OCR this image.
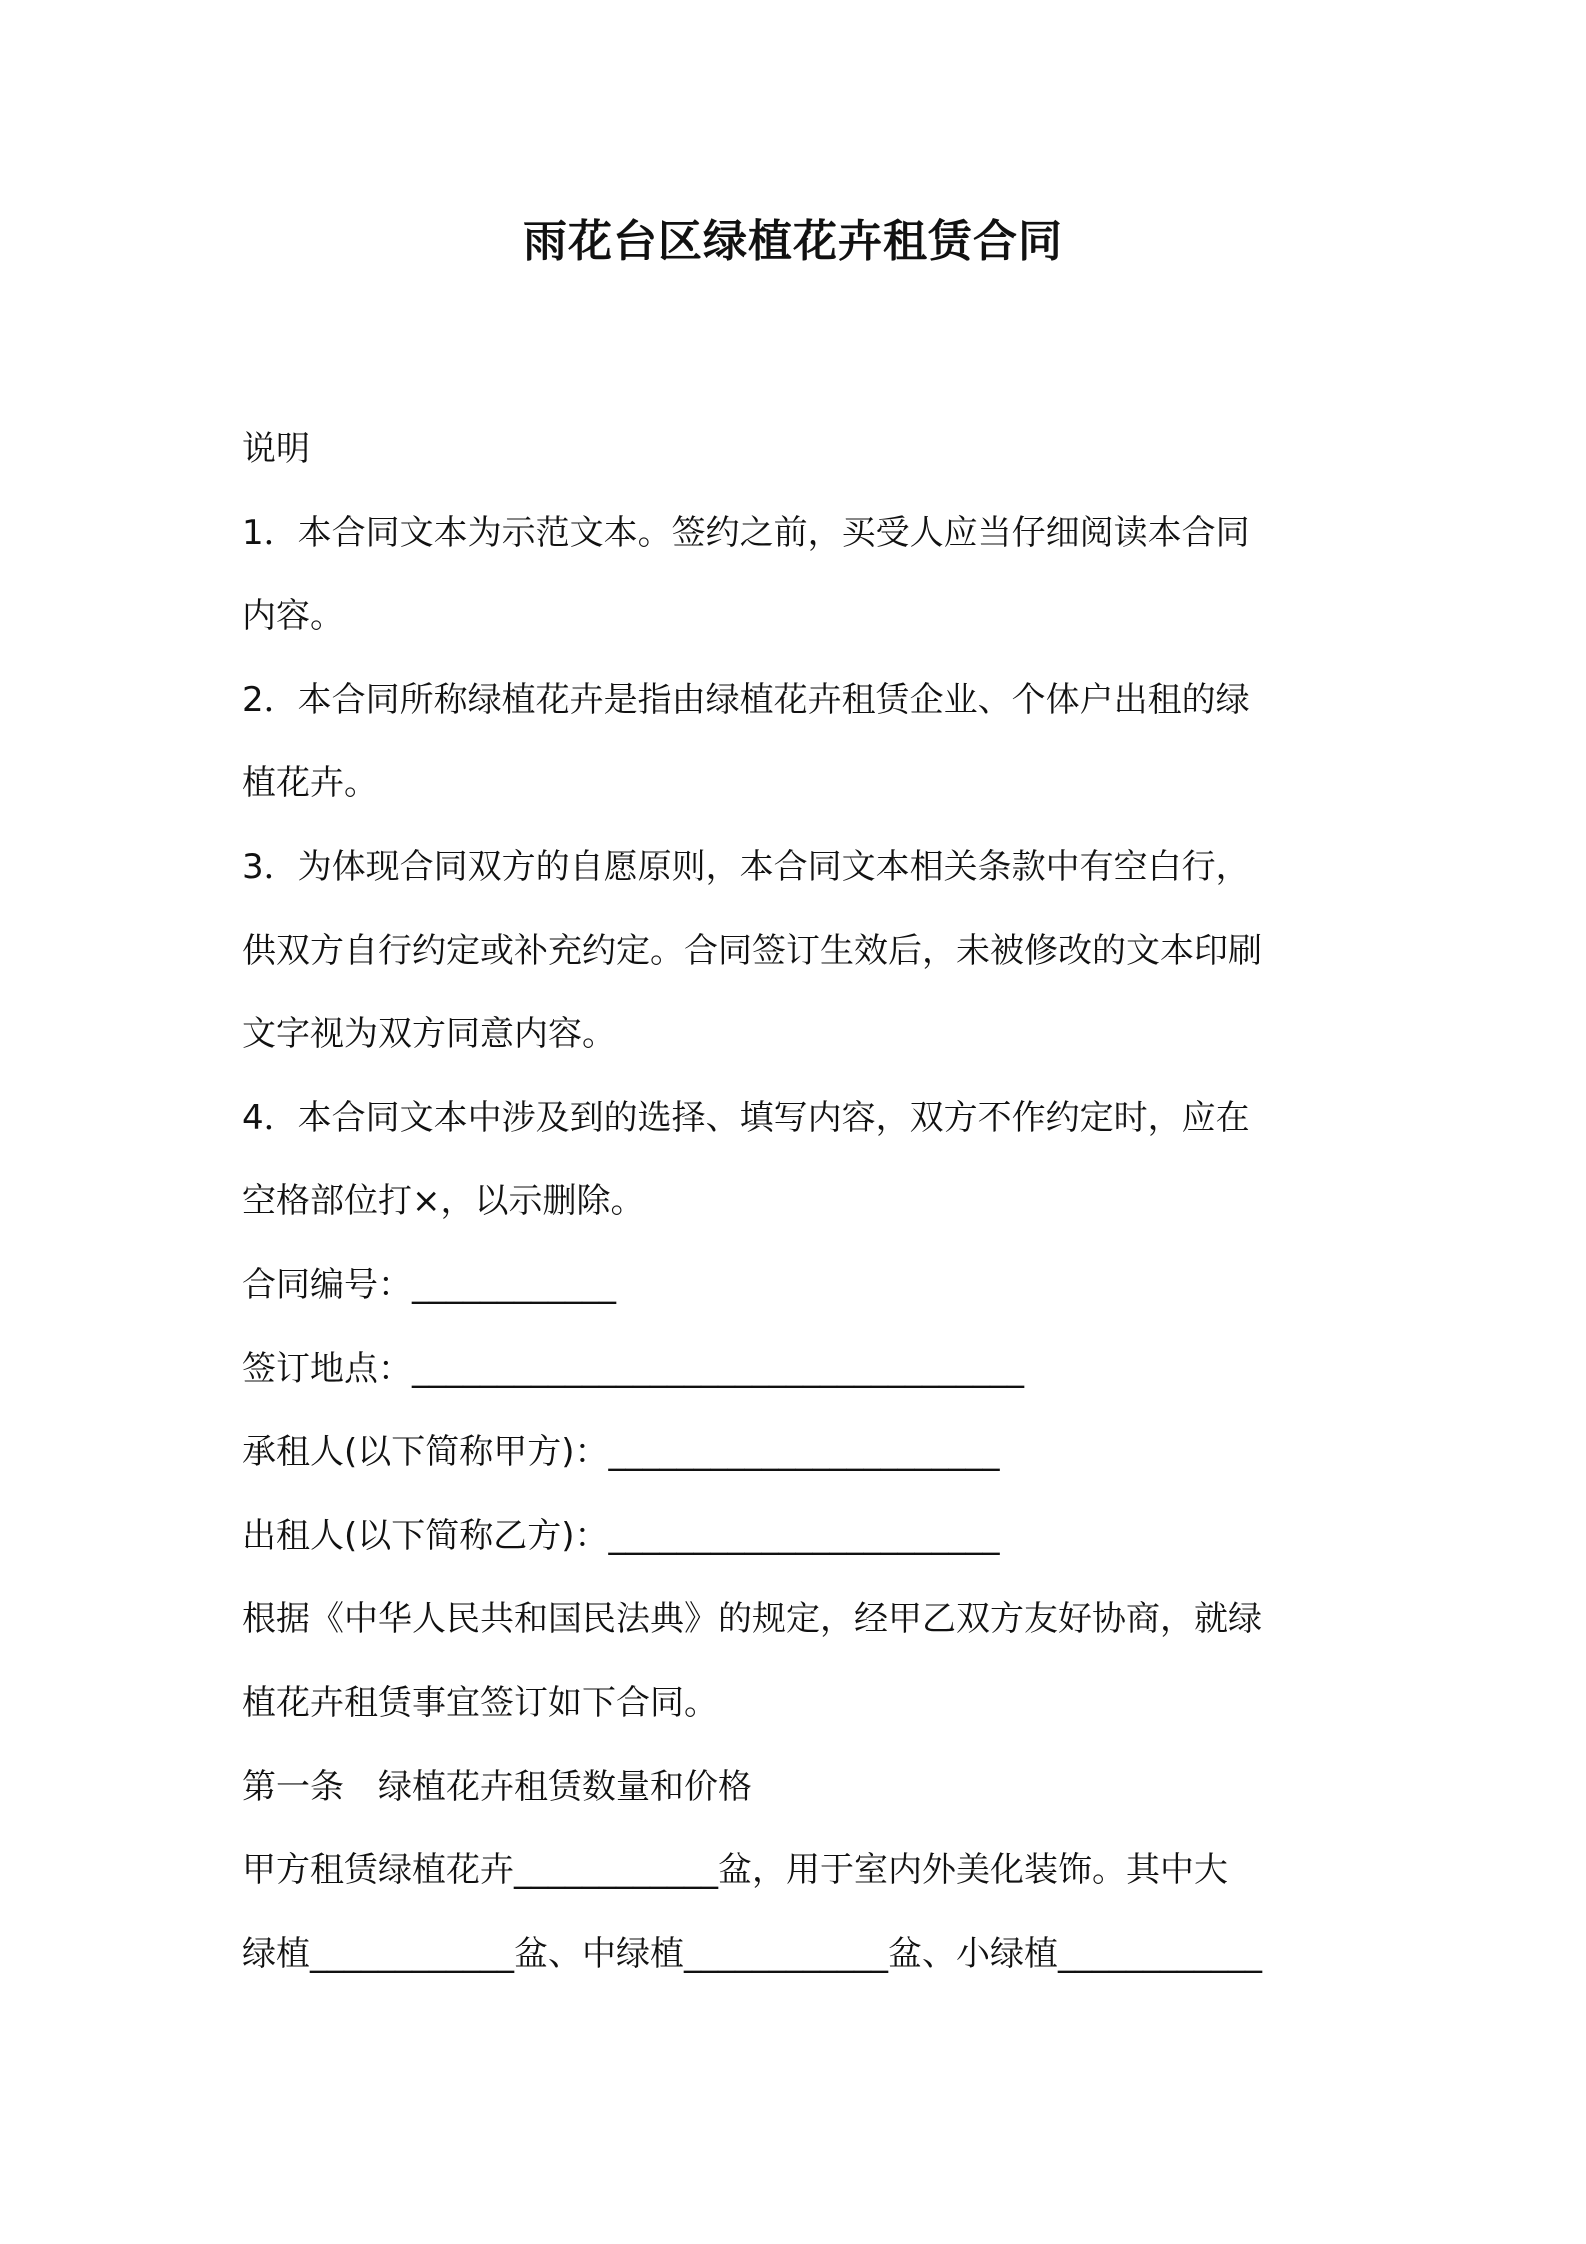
雨花台区绿植花卉租赁合同
说明
1．本合同文本为示范文本。签约之前，买受人应当仔细阅读本合同
内容。
2．本合同所称绿植花卉是指由绿植花卉租赁企业、个体户出租的绿
植花卉。
3．为体现合同双方的自愿原则，本合同文本相关条款中有空白行，
供双方自行约定或补充约定。合同签订生效后，未被修改的文本印刷
文字视为双方同意内容。
4．本合同文本中涉及到的选择、填写内容，双方不作约定时，应在
空格部位打×，以示删除。
合同编号：____________
签订地点：____________________________________
承租人(以下简称甲方)：_______________________
出租人(以下简称乙方)：_______________________
根据《中华人民共和国民法典》的规定，经甲乙双方友好协商，就绿
植花卉租赁事宜签订如下合同。
第一条　绿植花卉租赁数量和价格
甲方租赁绿植花卉____________盆，用于室内外美化装饰。其中大
绿植____________盆、中绿植____________盆、小绿植____________
